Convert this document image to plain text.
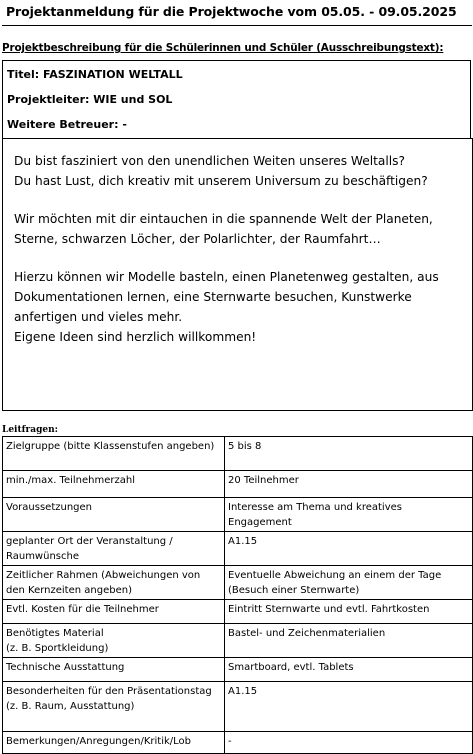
Projektanmeldung für die Projektwoche vom 05.05. - 09.05.2025
Projektbeschreibung für die Schülerinnen und Schüler (Ausschreibungstext):
Titel: FASZINATION WELTALL
Projektleiter: WIE und SOL
Weitere Betreuer: -

Du bist fasziniert von den unendlichen Weiten unseres Weltalls?
Du hast Lust, dich kreativ mit unserem Universum zu beschäftigen?

Wir möchten mit dir eintauchen in die spannende Welt der Planeten, Sterne, schwarzen Löcher, der Polarlichter, der Raumfahrt…

Hierzu können wir Modelle basteln, einen Planetenweg gestalten, aus Dokumentationen lernen, eine Sternwarte besuchen, Kunstwerke anfertigen und vieles mehr.
Eigene Ideen sind herzlich willkommen!

Leitfragen:
Zielgruppe (bitte Klassenstufen angeben)	5 bis 8
min./max. Teilnehmerzahl	20 Teilnehmer
Voraussetzungen	Interesse am Thema und kreatives Engagement
geplanter Ort der Veranstaltung / Raumwünsche	A1.15
Zeitlicher Rahmen (Abweichungen von den Kernzeiten angeben)	Eventuelle Abweichung an einem der Tage (Besuch einer Sternwarte)
Evtl. Kosten für die Teilnehmer	Eintritt Sternwarte und evtl. Fahrtkosten
Benötigtes Material
(z. B. Sportkleidung)	Bastel- und Zeichenmaterialien
Technische Ausstattung	Smartboard, evtl. Tablets
Besonderheiten für den Präsentationstag (z. B. Raum, Ausstattung)	A1.15
Bemerkungen/Anregungen/Kritik/Lob	-
